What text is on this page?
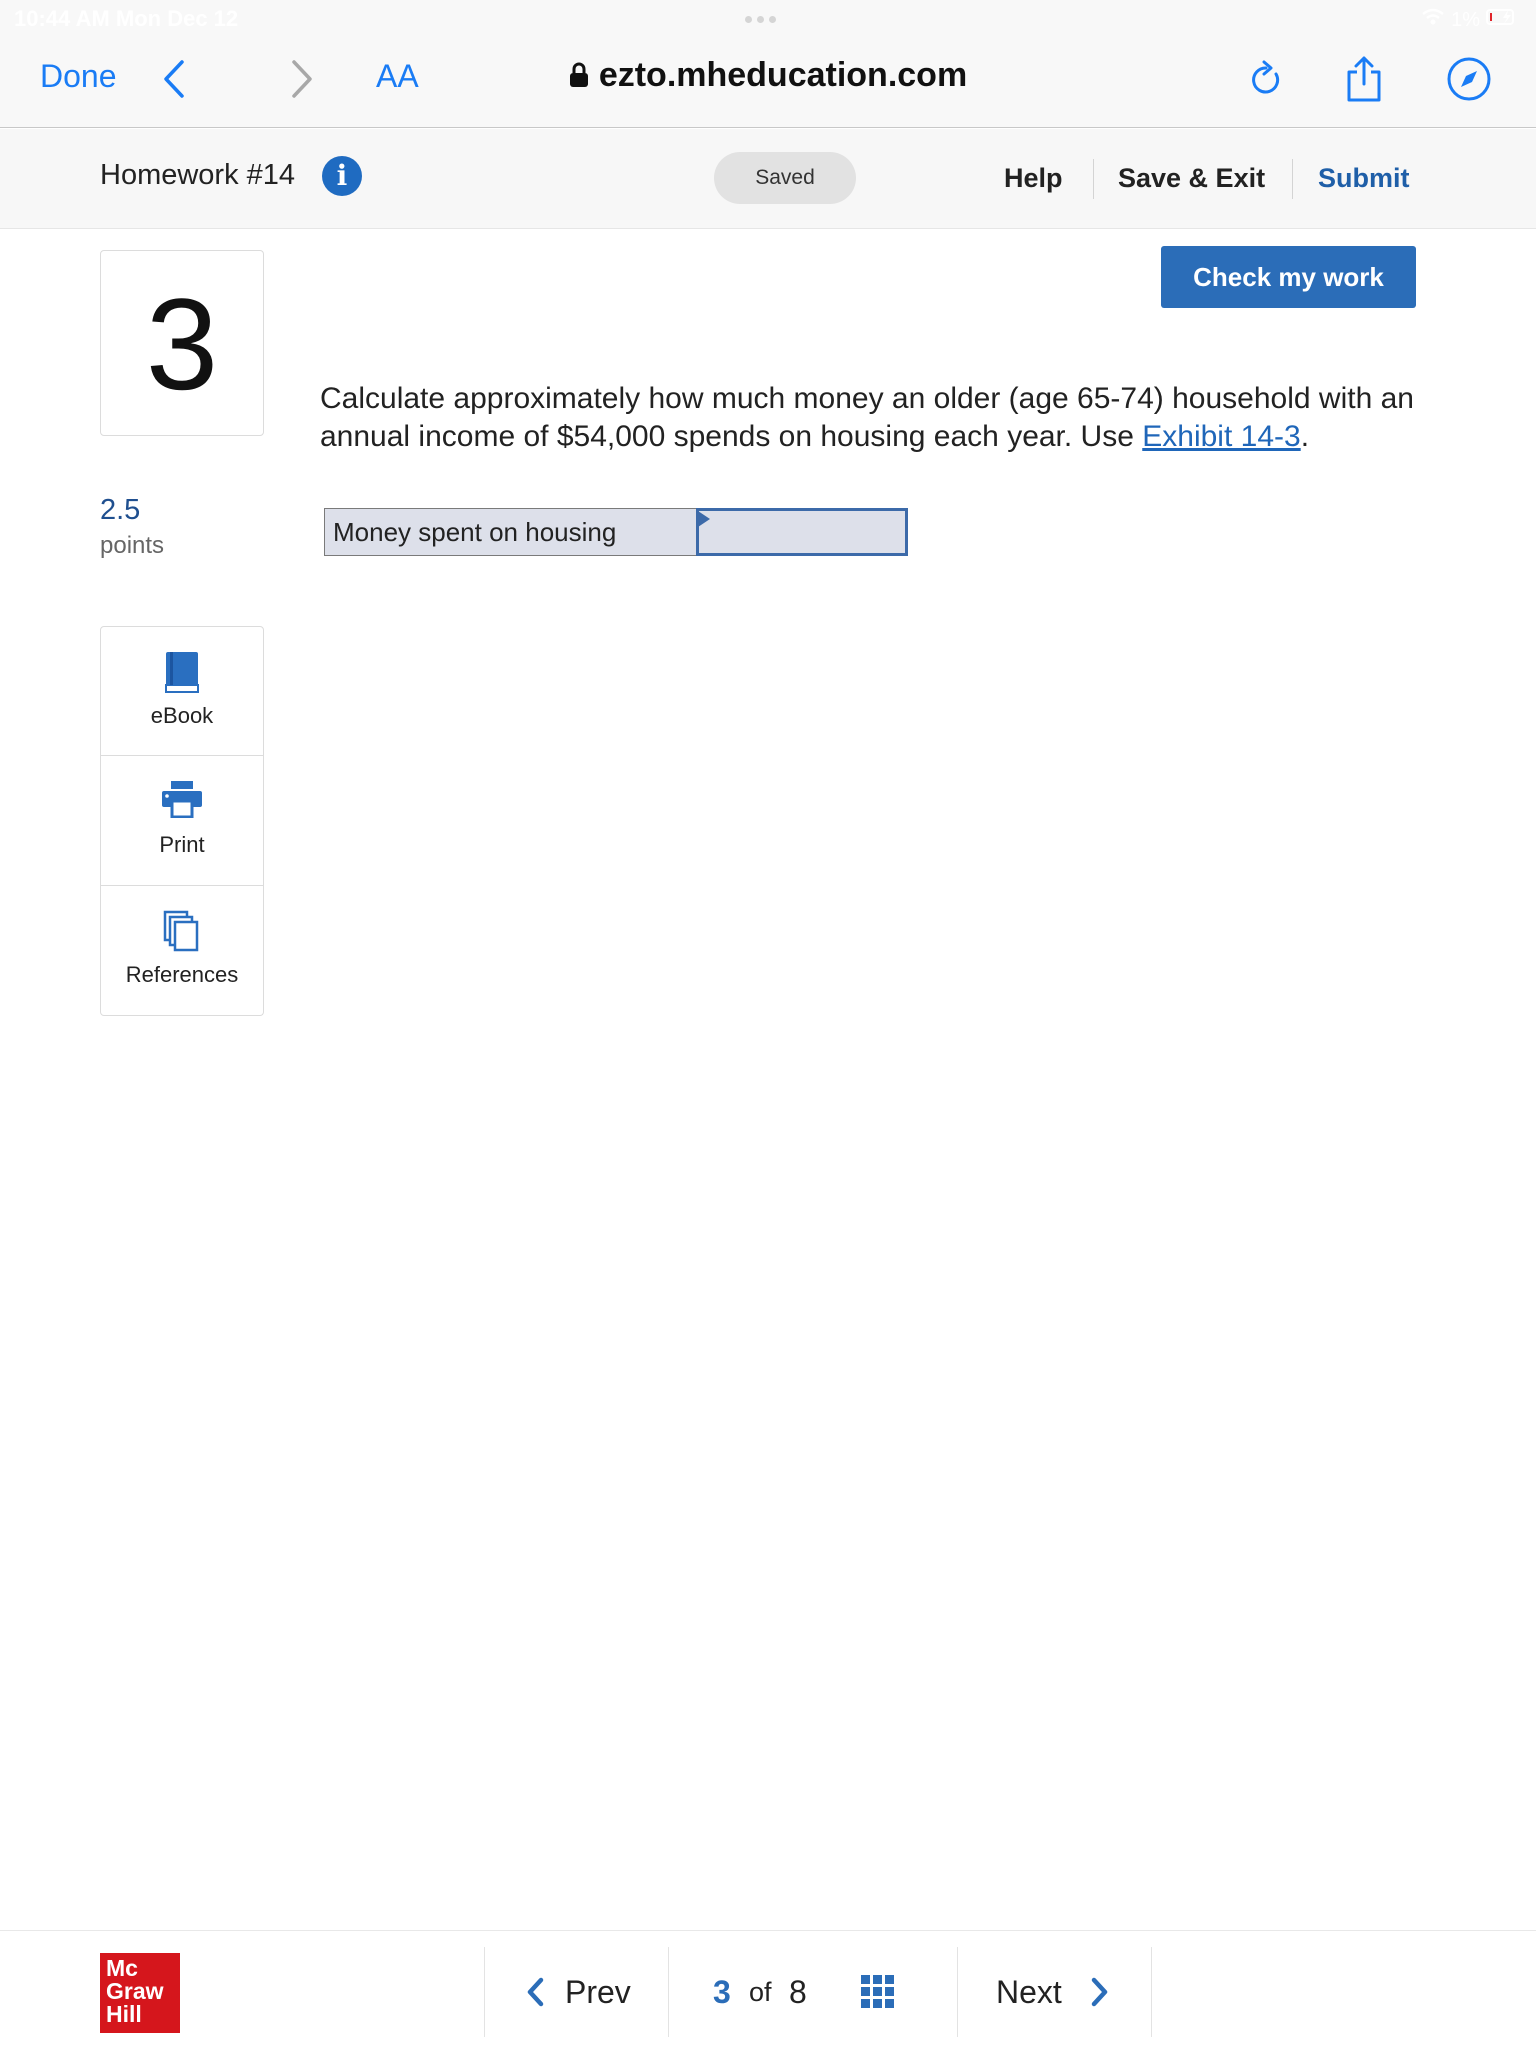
10:44 AM Mon Dec 12	1%
Done	AA	ezto.mheducation.com
Homework #14	i	Saved	Help Save & Exit Submit
3
2.5
points
eBook
Print
References
Check my work
Calculate approximately how much money an older (age 65-74) household with an annual income of $54,000 spends on housing each year. Use Exhibit 14-3.
Money spent on housing
Mc
Graw
Hill
Prev	3 of 8	Next
